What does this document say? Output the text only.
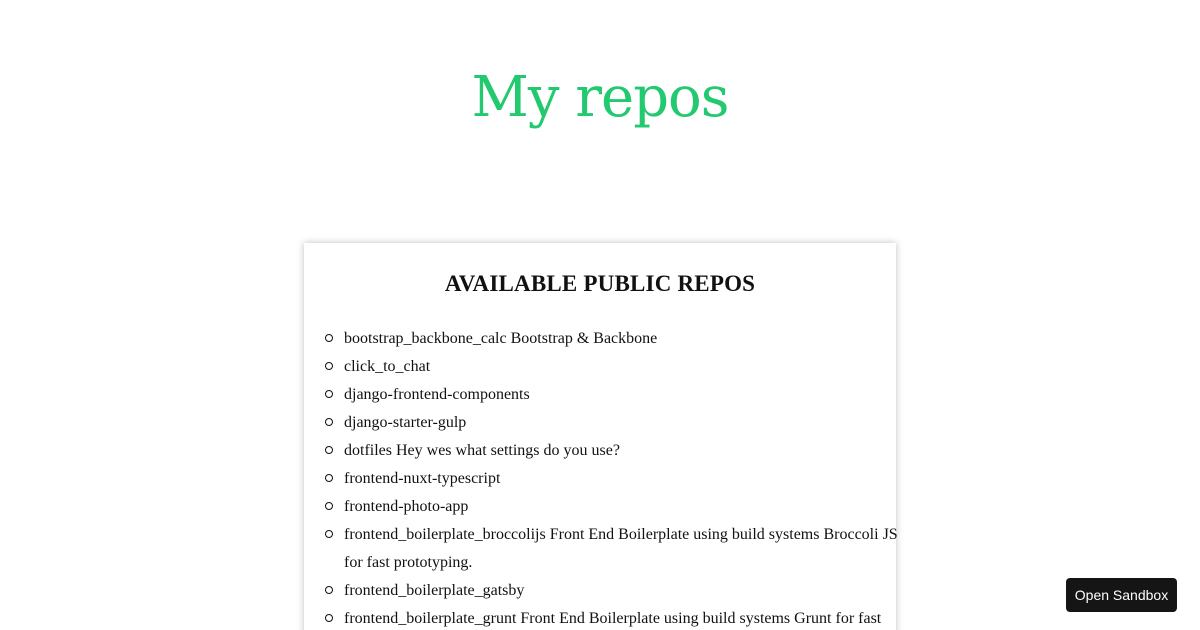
My repos
AVAILABLE PUBLIC REPOS
bootstrap_backbone_calc Bootstrap & Backbone
click_to_chat
django-frontend-components
django-starter-gulp
dotfiles Hey wes what settings do you use?
frontend-nuxt-typescript
frontend-photo-app
frontend_boilerplate_broccolijs Front End Boilerplate using build systems Broccoli JS for fast prototyping.
frontend_boilerplate_gatsby
frontend_boilerplate_grunt Front End Boilerplate using build systems Grunt for fast
Open Sandbox
